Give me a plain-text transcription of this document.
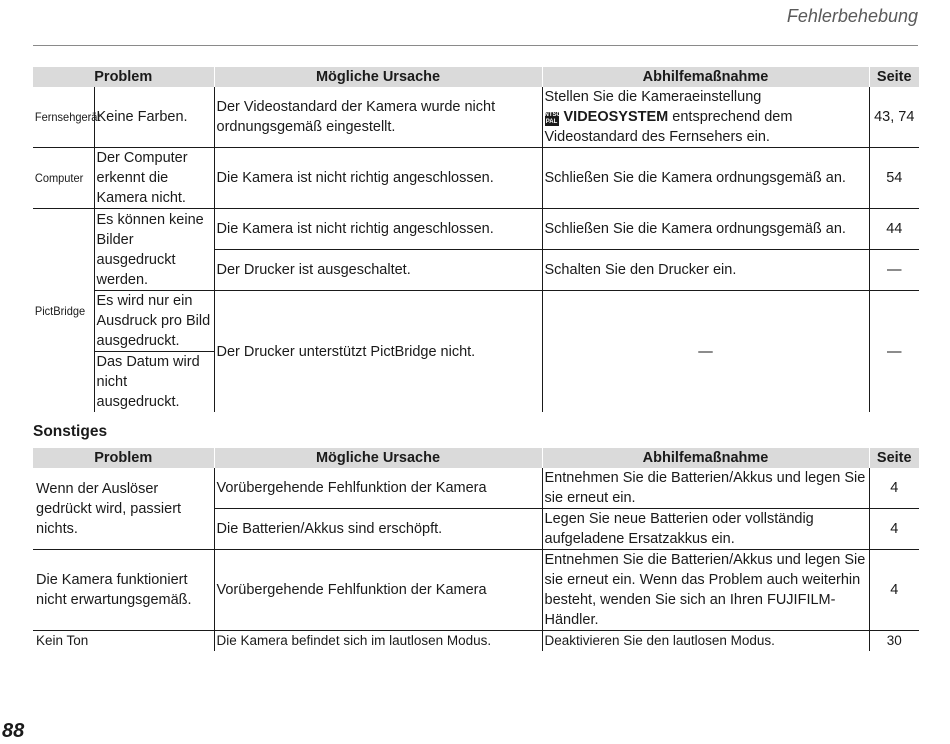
Fehlerbehebung
Problem		Mögliche Ursache	Abhilfemaßnahme	Seite
Fernsehgerät	Keine Farben.	Der Videostandard der Kamera wurde nicht ordnungsgemäß eingestellt.	Stellen Sie die Kameraeinstellung

NTSC
PAL VIDEOSYSTEM entsprechend dem Videostandard des Fernsehers ein.	43, 74
Computer	Der Computer erkennt die Kamera nicht.	Die Kamera ist nicht richtig angeschlossen.	Schließen Sie die Kamera ordnungsgemäß an.	54
PictBridge	Es können keine Bilder ausgedruckt werden.	Die Kamera ist nicht richtig angeschlossen.	Schließen Sie die Kamera ordnungsgemäß an.	44
		Der Drucker ist ausgeschaltet.	Schalten Sie den Drucker ein.	—
	Es wird nur ein Ausdruck pro Bild ausgedruckt.	Der Drucker unterstützt PictBridge nicht.	—	—
	Das Datum wird nicht ausgedruckt.			
Sonstiges
Problem	Mögliche Ursache	Abhilfemaßnahme	Seite
Wenn der Auslöser gedrückt wird, passiert nichts.	Vorübergehende Fehlfunktion der Kamera	Entnehmen Sie die Batterien/Akkus und legen Sie sie erneut ein.	4
	Die Batterien/Akkus sind erschöpft.	Legen Sie neue Batterien oder vollständig aufgeladene Ersatzakkus ein.	4
Die Kamera funktioniert nicht erwartungsgemäß.	Vorübergehende Fehlfunktion der Kamera	Entnehmen Sie die Batterien/Akkus und legen Sie sie erneut ein. Wenn das Problem auch weiterhin besteht, wenden Sie sich an Ihren FUJIFILM-Händler.	4
Kein Ton	Die Kamera befindet sich im lautlosen Modus.	Deaktivieren Sie den lautlosen Modus.	30
88
